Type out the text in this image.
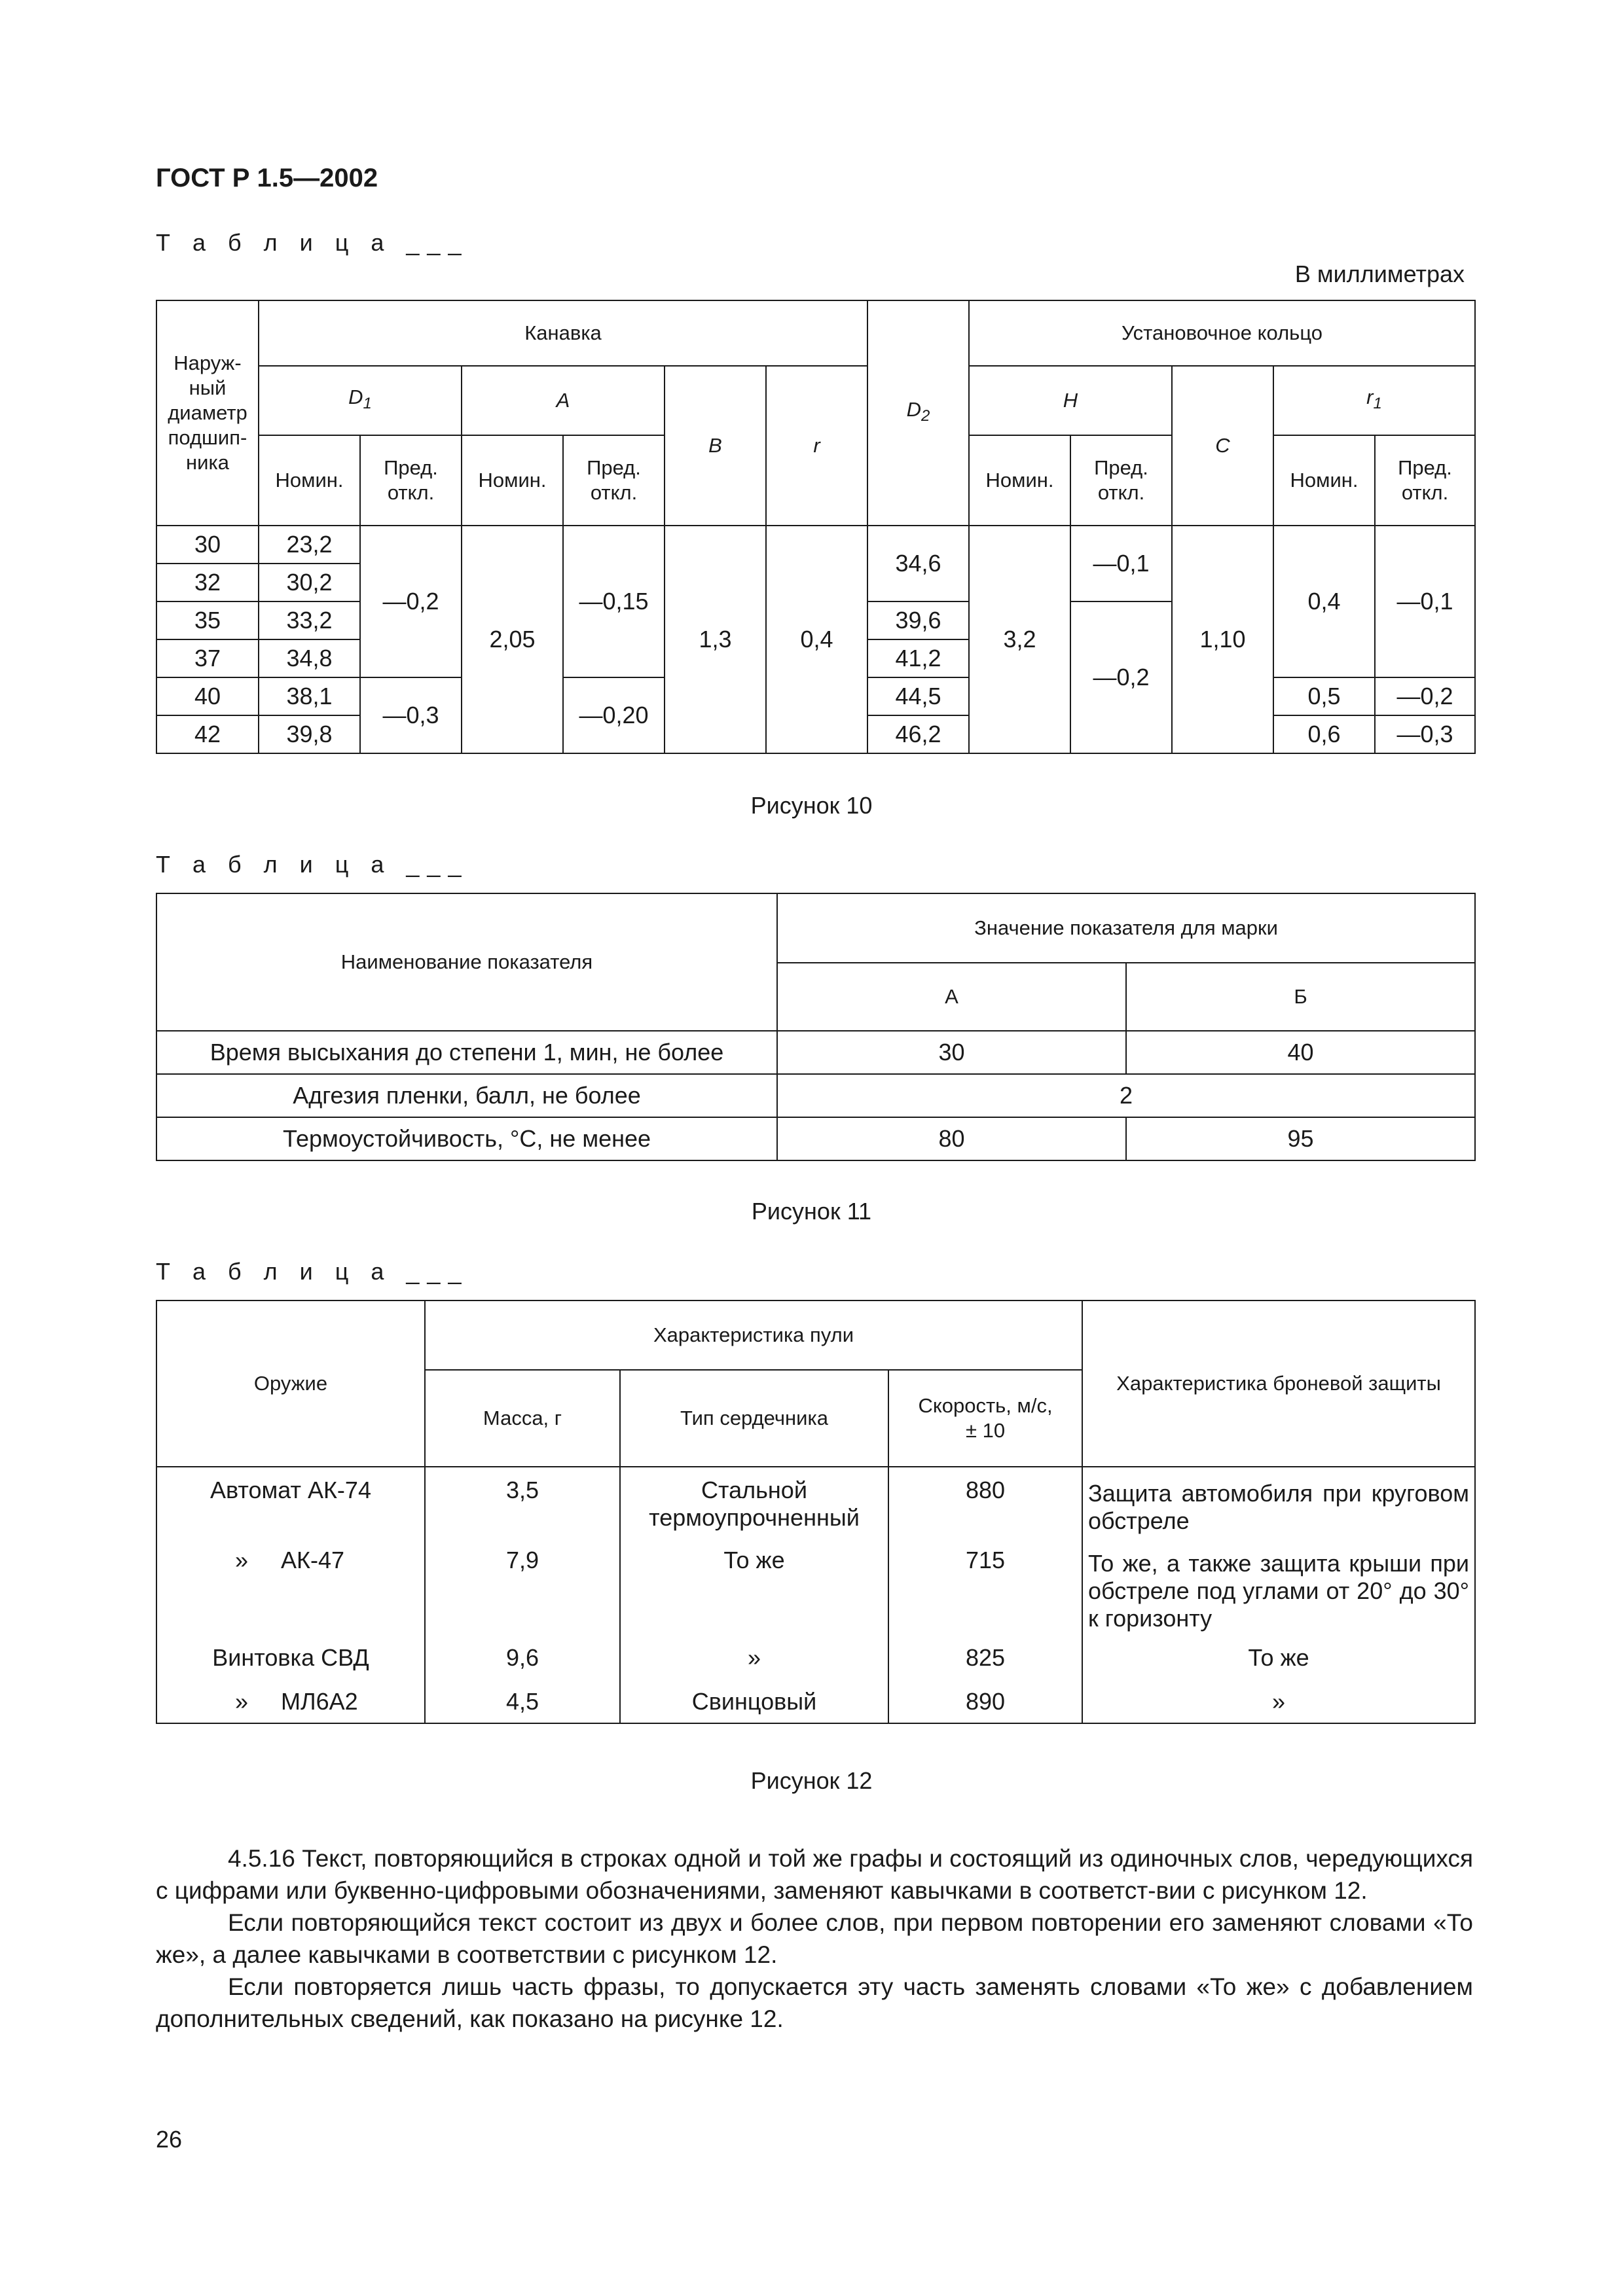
ГОСТ Р 1.5—2002
Т а б л и ц а ___
В миллиметрах
Наруж-ный диаметр подшип-ника	Канавка						$D_2$	Установочное кольцо				
	$D_1$		A		B	r		H		C	$r_1$
	Номин.	Пред. откл.	Номин.	Пред. откл.				Номин.	Пред. откл.		Номин.	Пред. откл.
30	23,2	—0,2	2,05	—0,15	1,3	0,4	34,6	3,2	—0,1	1,10	0,4	—0,1
32	30,2											
35	33,2						39,6		—0,2			
37	34,8						41,2					
40	38,1	—0,3		—0,20			44,5				0,5	—0,2
42	39,8						46,2				0,6	—0,3
Рисунок 10
Т а б л и ц а ___
Наименование показателя	Значение показателя для марки	
	А	Б
Время высыхания до степени 1, мин, не более	30	40
Адгезия пленки, балл, не более	2	
Термоустойчивость, °С, не менее	80	95
Рисунок 11
Т а б л и ц а ___
Оружие	Характеристика пули			Характеристика броневой защиты
	Масса, г	Тип сердечника	Скорость, м/с,
± 10	
Автомат АК-74	3,5	Стальной термоупрочненный	880	Защита автомобиля при круговом обстреле
» АК-47	7,9	То же	715	То же, а также защита крыши при обстреле под углами от 20° до 30° к горизонту
Винтовка СВД	9,6	»	825	То же
» МЛ6А2	4,5	Свинцовый	890	»
Рисунок 12

4.5.16 Текст, повторяющийся в строках одной и той же графы и состоящий из одиночных слов, чередующихся с цифрами или буквенно-цифровыми обозначениями, заменяют кавычками в соответст-вии с рисунком 12.

Если повторяющийся текст состоит из двух и более слов, при первом повторении его заменяют словами «То же», а далее кавычками в соответствии с рисунком 12.

Если повторяется лишь часть фразы, то допускается эту часть заменять словами «То же» с добавлением дополнительных сведений, как показано на рисунке 12.

26
